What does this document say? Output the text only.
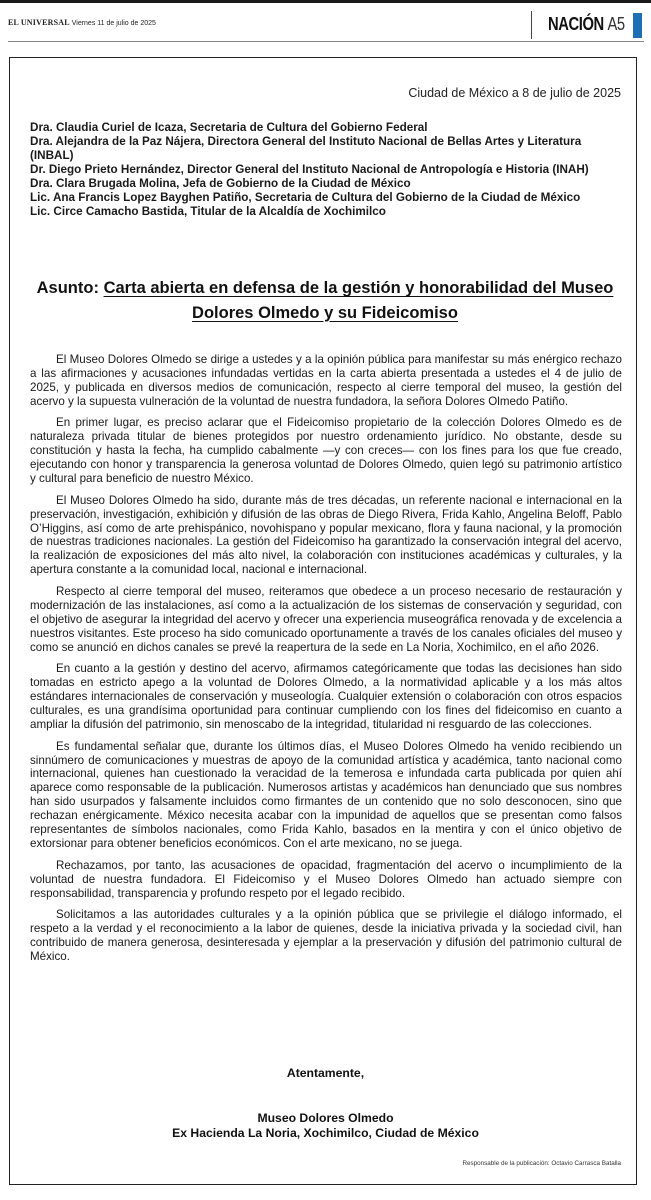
EL UNIVERSAL Viernes 11 de julio de 2025	NACIÓN A5
Ciudad de México a 8 de julio de 2025
Dra. Claudia Curiel de Icaza, Secretaria de Cultura del Gobierno Federal
Dra. Alejandra de la Paz Nájera, Directora General del Instituto Nacional de Bellas Artes y Literatura (INBAL)
Dr. Diego Prieto Hernández, Director General del Instituto Nacional de Antropología e Historia (INAH)
Dra. Clara Brugada Molina, Jefa de Gobierno de la Ciudad de México
Lic. Ana Francis Lopez Bayghen Patiño, Secretaria de Cultura del Gobierno de la Ciudad de México
Lic. Circe Camacho Bastida, Titular de la Alcaldía de Xochimilco
Asunto: Carta abierta en defensa de la gestión y honorabilidad del Museo Dolores Olmedo y su Fideicomiso

El Museo Dolores Olmedo se dirige a ustedes y a la opinión pública para manifestar su más enérgico rechazo a las afirmaciones y acusaciones infundadas vertidas en la carta abierta presentada a ustedes el 4 de julio de 2025, y publicada en diversos medios de comunicación, respecto al cierre temporal del museo, la gestión del acervo y la supuesta vulneración de la voluntad de nuestra fundadora, la señora Dolores Olmedo Patiño.

En primer lugar, es preciso aclarar que el Fideicomiso propietario de la colección Dolores Olmedo es de naturaleza privada titular de bienes protegidos por nuestro ordenamiento jurídico. No obstante, desde su constitución y hasta la fecha, ha cumplido cabalmente —y con creces— con los fines para los que fue creado, ejecutando con honor y transparencia la generosa voluntad de Dolores Olmedo, quien legó su patrimonio artístico y cultural para beneficio de nuestro México.

El Museo Dolores Olmedo ha sido, durante más de tres décadas, un referente nacional e internacional en la preservación, investigación, exhibición y difusión de las obras de Diego Rivera, Frida Kahlo, Angelina Beloff, Pablo O’Higgins, así como de arte prehispánico, novohispano y popular mexicano, flora y fauna nacional, y la promoción de nuestras tradiciones nacionales. La gestión del Fideicomiso ha garantizado la conservación integral del acervo, la realización de exposiciones del más alto nivel, la colaboración con instituciones académicas y culturales, y la apertura constante a la comunidad local, nacional e internacional.

Respecto al cierre temporal del museo, reiteramos que obedece a un proceso necesario de restauración y modernización de las instalaciones, así como a la actualización de los sistemas de conservación y seguridad, con el objetivo de asegurar la integridad del acervo y ofrecer una experiencia museográfica renovada y de excelencia a nuestros visitantes. Este proceso ha sido comunicado oportunamente a través de los canales oficiales del museo y como se anunció en dichos canales se prevé la reapertura de la sede en La Noria, Xochimilco, en el año 2026.

En cuanto a la gestión y destino del acervo, afirmamos categóricamente que todas las decisiones han sido tomadas en estricto apego a la voluntad de Dolores Olmedo, a la normatividad aplicable y a los más altos estándares internacionales de conservación y museología. Cualquier extensión o colaboración con otros espacios culturales, es una grandísima oportunidad para continuar cumpliendo con los fines del fideicomiso en cuanto a ampliar la difusión del patrimonio, sin menoscabo de la integridad, titularidad ni resguardo de las colecciones.

Es fundamental señalar que, durante los últimos días, el Museo Dolores Olmedo ha venido recibiendo un sinnúmero de comunicaciones y muestras de apoyo de la comunidad artística y académica, tanto nacional como internacional, quienes han cuestionado la veracidad de la temerosa e infundada carta publicada por quien ahí aparece como responsable de la publicación. Numerosos artistas y académicos han denunciado que sus nombres han sido usurpados y falsamente incluidos como firmantes de un contenido que no solo desconocen, sino que rechazan enérgicamente. México necesita acabar con la impunidad de aquellos que se presentan como falsos representantes de símbolos nacionales, como Frida Kahlo, basados en la mentira y con el único objetivo de extorsionar para obtener beneficios económicos. Con el arte mexicano, no se juega.

Rechazamos, por tanto, las acusaciones de opacidad, fragmentación del acervo o incumplimiento de la voluntad de nuestra fundadora. El Fideicomiso y el Museo Dolores Olmedo han actuado siempre con responsabilidad, transparencia y profundo respeto por el legado recibido.

Solicitamos a las autoridades culturales y a la opinión pública que se privilegie el diálogo informado, el respeto a la verdad y el reconocimiento a la labor de quienes, desde la iniciativa privada y la sociedad civil, han contribuido de manera generosa, desinteresada y ejemplar a la preservación y difusión del patrimonio cultural de México.

Atentamente,
Museo Dolores Olmedo
Ex Hacienda La Noria, Xochimilco, Ciudad de México
Responsable de la publicación: Octavio Carrasca Batalla
